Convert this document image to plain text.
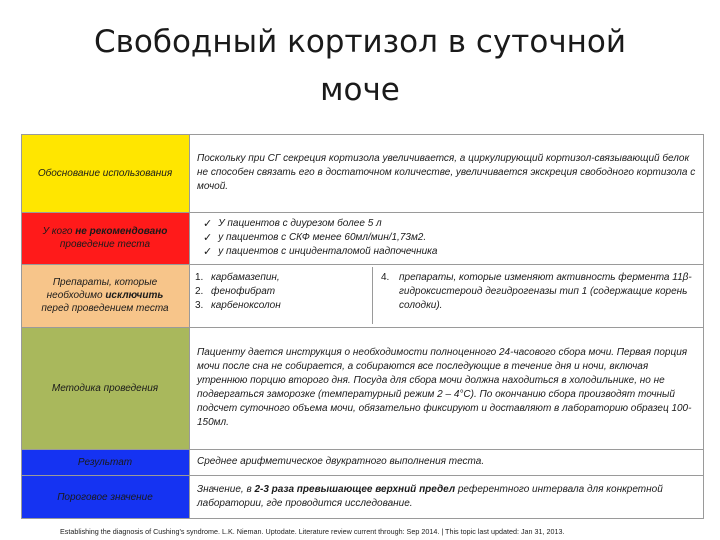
Свободный кортизол в суточной
моче
Обоснование использования
Поскольку при СГ секреция кортизола увеличивается, а циркулирующий кортизол-связывающий белок не способен связать его в достаточном количестве, увеличивается экскреция свободного кортизола с мочой.
У кого не рекомендовано проведение теста
✓ У пациентов с диурезом более 5 л
✓ у пациентов с СКФ менее 60мл/мин/1,73м2.
✓ у пациентов с инциденталомой надпочечника
Препараты, которые необходимо исключить
перед проведением теста
1. карбамазепин,
2. фенофибрат
3. карбеноксолон
4. препараты, которые изменяют активность фермента 11β-гидроксистероид дегидрогеназы тип 1 (содержащие корень солодки).
Методика проведения
Пациенту дается инструкция о необходимости полноценного 24-часового сбора мочи. Первая порция мочи после сна не собирается, а собираются все последующие в течение дня и ночи, включая утреннюю порцию второго дня. Посуда для сбора мочи должна находиться в холодильнике, но не подвергаться заморозке (температурный режим 2 – 4°С). По окончанию сбора производят точный подсчет суточного объема мочи, обязательно фиксируют и доставляют в лабораторию образец 100-150мл.
Результат	Среднее арифметическое двукратного выполнения теста.
Пороговое значение
Значение, в 2-3 раза превышающее верхний предел референтного интервала для конкретной лаборатории, где проводится исследование.
Establishing the diagnosis of Cushing's syndrome. L.K. Nieman. Uptodate. Literature review current through: Sep 2014. | This topic last updated: Jan 31, 2013.
